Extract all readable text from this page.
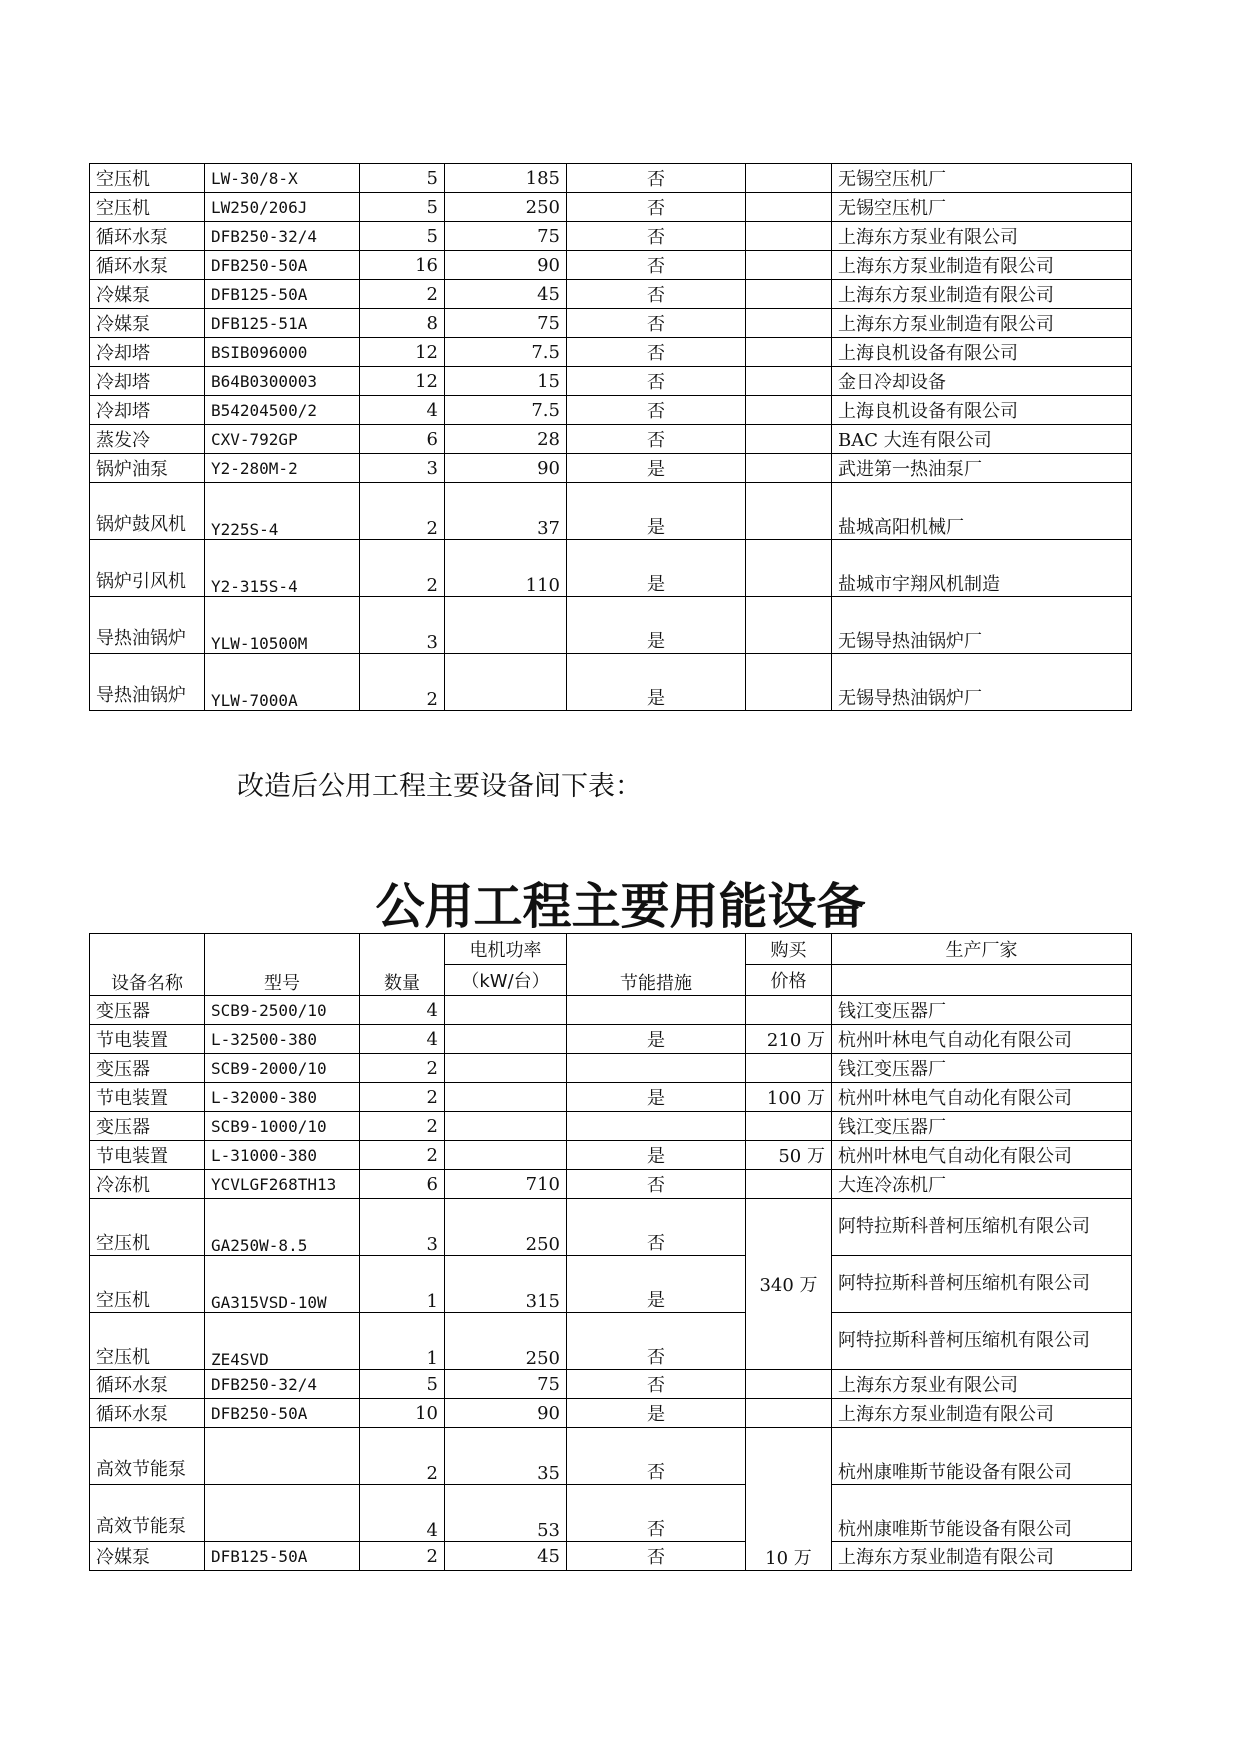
空压机	LW-30/8-X	5	185	否		无锡空压机厂
空压机	LW250/206J	5	250	否		无锡空压机厂
循环水泵	DFB250-32/4	5	75	否		上海东方泵业有限公司
循环水泵	DFB250-50A	16	90	否		上海东方泵业制造有限公司
冷媒泵	DFB125-50A	2	45	否		上海东方泵业制造有限公司
冷媒泵	DFB125-51A	8	75	否		上海东方泵业制造有限公司
冷却塔	BSIB096000	12	7.5	否		上海良机设备有限公司
冷却塔	B64B0300003	12	15	否		金日冷却设备
冷却塔	B54204500/2	4	7.5	否		上海良机设备有限公司
蒸发冷	CXV-792GP	6	28	否		BAC 大连有限公司
锅炉油泵	Y2-280M-2	3	90	是		武进第一热油泵厂
锅炉鼓风机	Y225S-4	2	37	是		盐城高阳机械厂
锅炉引风机	Y2-315S-4	2	110	是		盐城市宇翔风机制造
导热油锅炉	YLW-10500M	3		是		无锡导热油锅炉厂
导热油锅炉	YLW-7000A	2		是		无锡导热油锅炉厂
改造后公用工程主要设备间下表：
公用工程主要用能设备
设备名称	型号	数量	电机功率	节能措施	购买	生产厂家
			（kW/台）		价格	
变压器	SCB9-2500/10	4				钱江变压器厂
节电装置	L-32500-380	4		是	210 万	杭州叶林电气自动化有限公司
变压器	SCB9-2000/10	2				钱江变压器厂
节电装置	L-32000-380	2		是	100 万	杭州叶林电气自动化有限公司
变压器	SCB9-1000/10	2				钱江变压器厂
节电装置	L-31000-380	2		是	50 万	杭州叶林电气自动化有限公司
冷冻机	YCVLGF268TH13	6	710	否		大连冷冻机厂
空压机	GA250W-8.5	3	250	否	340 万	阿特拉斯科普柯压缩机有限公司
空压机	GA315VSD-10W	1	315	是		阿特拉斯科普柯压缩机有限公司
空压机	ZE4SVD	1	250	否		阿特拉斯科普柯压缩机有限公司
循环水泵	DFB250-32/4	5	75	否		上海东方泵业有限公司
循环水泵	DFB250-50A	10	90	是		上海东方泵业制造有限公司
高效节能泵		2	35	否	10 万	杭州康唯斯节能设备有限公司
高效节能泵		4	53	否		杭州康唯斯节能设备有限公司
冷媒泵	DFB125-50A	2	45	否		上海东方泵业制造有限公司
